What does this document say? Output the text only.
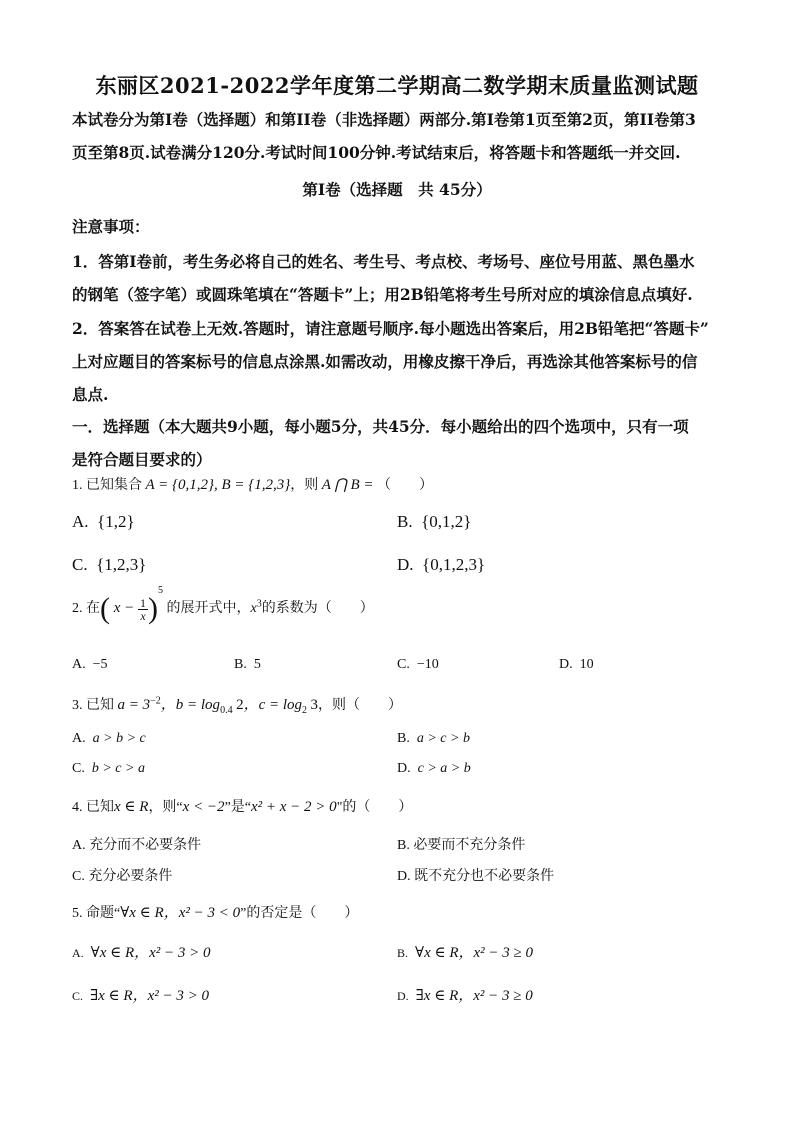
东丽区2021-2022学年度第二学期高二数学期末质量监测试题
本试卷分为第I卷（选择题）和第II卷（非选择题）两部分.第I卷第1页至第2页，第II卷第3
页至第8页.试卷满分120分.考试时间100分钟.考试结束后，将答题卡和答题纸一并交回.
第I卷（选择题　共 45分）
注意事项：
1．答第I卷前，考生务必将自己的姓名、考生号、考点校、考场号、座位号用蓝、黑色墨水
的钢笔（签字笔）或圆珠笔填在“答题卡”上；用2B铅笔将考生号所对应的填涂信息点填好.
2．答案答在试卷上无效.答题时，请注意题号顺序.每小题选出答案后，用2B铅笔把“答题卡”
上对应题目的答案标号的信息点涂黑.如需改动，用橡皮擦干净后，再选涂其他答案标号的信
息点.
一．选择题（本大题共9小题，每小题5分，共45分．每小题给出的四个选项中，只有一项
是符合题目要求的）
1. 已知集合 A = {0,1,2}, B = {1,2,3}，则 A ⋂ B = （　　）
A.  {1,2}	B.  {0,1,2}
C.  {1,2,3}	D.  {0,1,2,3}
2. 在( $x - \frac{1}{x} )^5$ 的展开式中，$x^3$的系数为（　　）
A.  −5	B.  5	C.  −10	D.  10
3. 已知 $a = 3^{-2}$，$b = \log_{0.4} 2$，$c = \log_2 3$，则（　　）
A.  a > b > c	B.  a > c > b
C.  b > c > a	D.  c > a > b
4. 已知x ∈ R，则“x < −2”是“x² + x − 2 > 0"的（　　）
A. 充分而不必要条件	B. 必要而不充分条件
C. 充分必要条件	D. 既不充分也不必要条件
5. 命题“∀x ∈ R，x² − 3 < 0”的否定是（　　）
A. ∀x ∈ R，x² − 3 > 0	B. ∀x ∈ R，x² − 3 ≥ 0
C. ∃x ∈ R，x² − 3 > 0	D. ∃x ∈ R，x² − 3 ≥ 0
